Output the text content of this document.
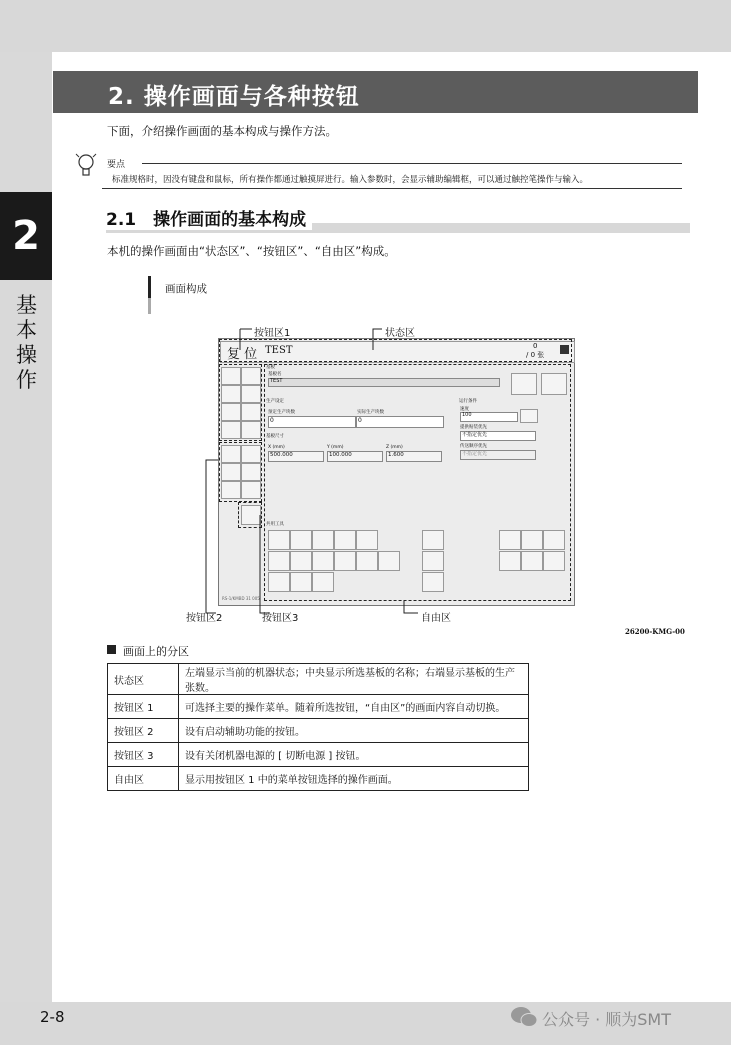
2. 操作画面与各种按钮
下面，介绍操作画面的基本构成与操作方法。
要点
标准规格时，因没有键盘和鼠标，所有操作都通过触摸屏进行。输入参数时，会显示辅助编辑框，可以通过触控笔操作与输入。
2
基本操作
2.1　操作画面的基本构成
本机的操作画面由“状态区”、“按钮区”、“自由区”构成。
画面构成
复 位 TEST	0
/ 0 张
RS-1/KMBD 31 005
基板
基板名
TEST
生产设定
预定生产块数	实际生产块数
0	0
基板尺寸
X (mm)	Y (mm)	Z (mm)
500.000	100.000	1.600
运行条件
速度
100
提供贴装优先
不指定优先
传送顺序优先
不指定优先
共用工具
按钮区1	状态区
按钮区2	按钮区3	自由区
26200-KMG-00
画面上的分区
状态区	左端显示当前的机器状态；中央显示所选基板的名称；右端显示基板的生产张数。
按钮区 1	可选择主要的操作菜单。随着所选按钮，“自由区”的画面内容自动切换。
按钮区 2	设有启动辅助功能的按钮。
按钮区 3	设有关闭机器电源的 [ 切断电源 ] 按钮。
自由区	显示用按钮区 1 中的菜单按钮选择的操作画面。
2-8	公众号 · 顺为SMT
